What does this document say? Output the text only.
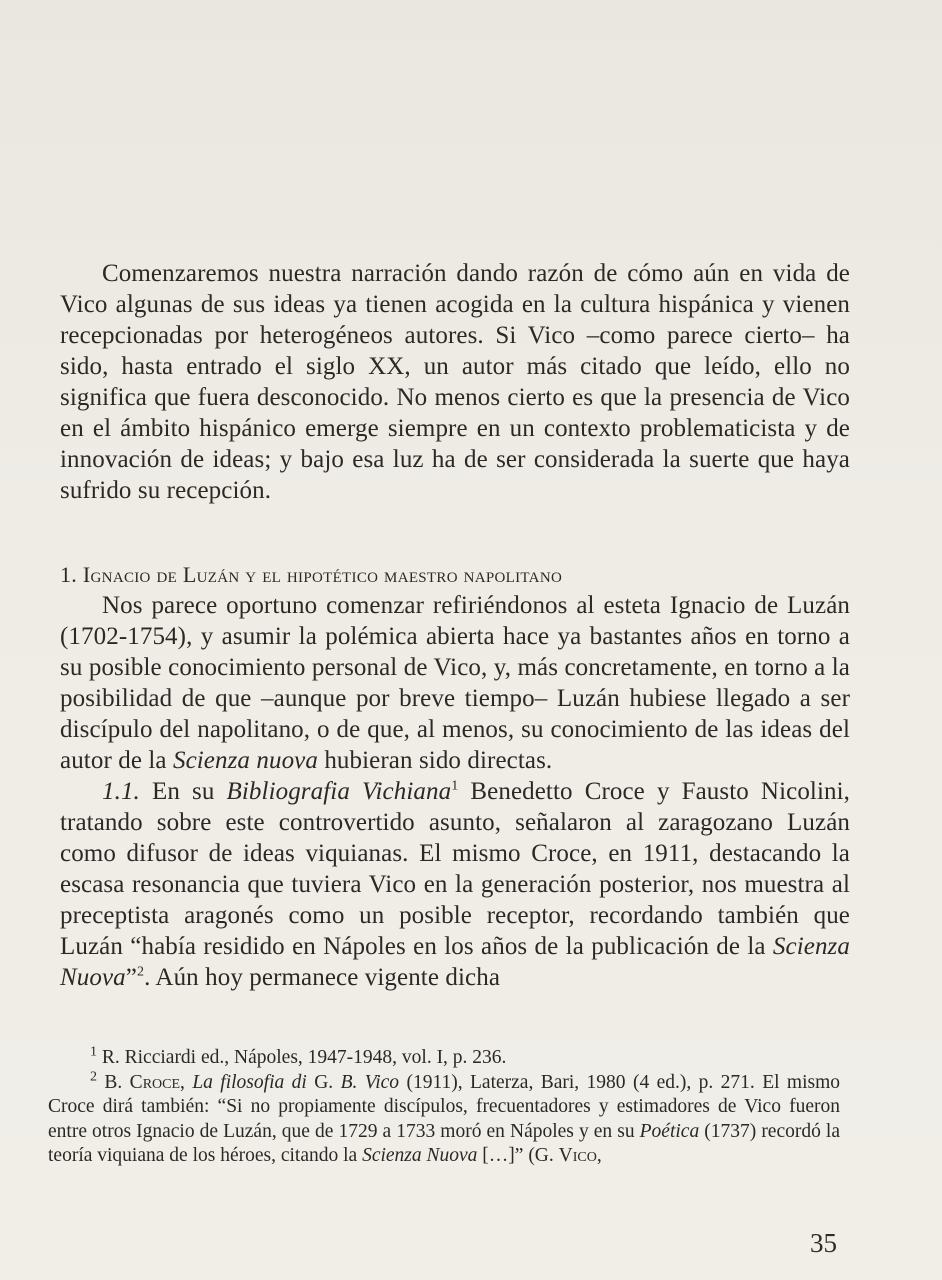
Comenzaremos nuestra narración dando razón de cómo aún en vida de Vico algunas de sus ideas ya tienen acogida en la cultura hispánica y vienen recepcionadas por heterogéneos autores. Si Vico –como parece cierto– ha sido, hasta entrado el siglo XX, un autor más citado que leído, ello no significa que fuera desconocido. No menos cierto es que la presencia de Vico en el ámbito hispánico emerge siempre en un contexto problematicista y de innovación de ideas; y bajo esa luz ha de ser considerada la suerte que haya sufrido su recepción.

1. Ignacio de Luzán y el hipotético maestro napolitano

Nos parece oportuno comenzar refiriéndonos al esteta Ignacio de Luzán (1702-1754), y asumir la polémica abierta hace ya bastantes años en torno a su posible conocimiento personal de Vico, y, más concretamente, en torno a la posibilidad de que –aunque por breve tiempo– Luzán hubiese llegado a ser discípulo del napolitano, o de que, al menos, su conocimiento de las ideas del autor de la Scienza nuova hubieran sido directas.

1.1. En su Bibliografia Vichiana$^1$ Benedetto Croce y Fausto Nicolini, tratando sobre este controvertido asunto, señalaron al zaragozano Luzán como difusor de ideas viquianas. El mismo Croce, en 1911, destacando la escasa resonancia que tuviera Vico en la generación posterior, nos muestra al preceptista aragonés como un posible receptor, recordando también que Luzán “había residido en Nápoles en los años de la publicación de la Scienza Nuova”$^2$. Aún hoy permanece vigente dicha

$^1$ R. Ricciardi ed., Nápoles, 1947-1948, vol. I, p. 236.

$^2$ B. Croce, La filosofia di G. B. Vico (1911), Laterza, Bari, 1980 (4 ed.), p. 271. El mismo Croce dirá también: “Si no propiamente discípulos, frecuentadores y estimadores de Vico fueron entre otros Ignacio de Luzán, que de 1729 a 1733 moró en Nápoles y en su Poética (1737) recordó la teoría viquiana de los héroes, citando la Scienza Nuova […]” (G. Vico,

35
